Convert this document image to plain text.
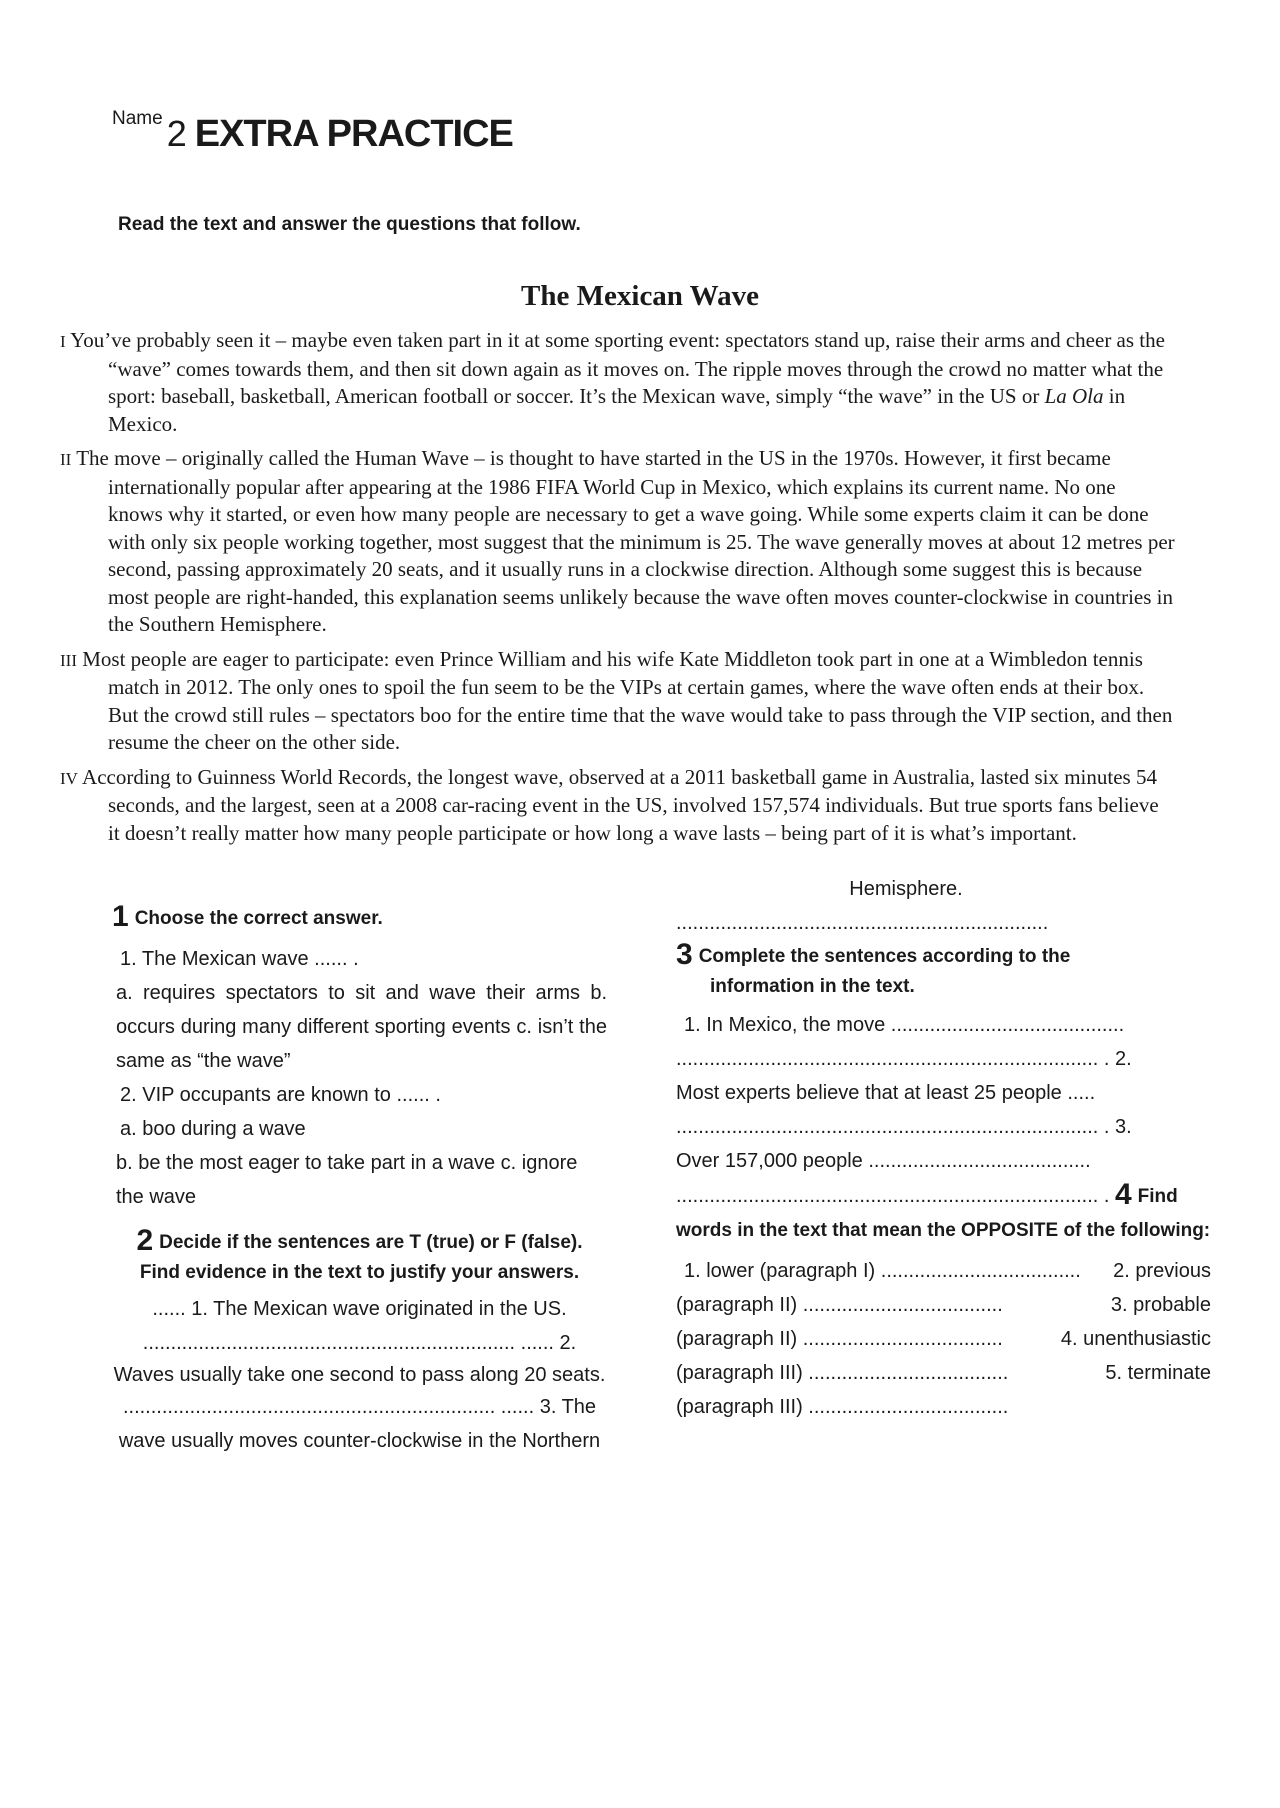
Name 2 EXTRA PRACTICE
Read the text and answer the questions that follow.
The Mexican Wave

I You’ve probably seen it – maybe even taken part in it at some sporting event: spectators stand up, raise their arms and cheer as the “wave” comes towards them, and then sit down again as it moves on. The ripple moves through the crowd no matter what the sport: baseball, basketball, American football or soccer. It’s the Mexican wave, simply “the wave” in the US or La Ola in Mexico.

II The move – originally called the Human Wave – is thought to have started in the US in the 1970s. However, it first became internationally popular after appearing at the 1986 FIFA World Cup in Mexico, which explains its current name. No one knows why it started, or even how many people are necessary to get a wave going. While some experts claim it can be done with only six people working together, most suggest that the minimum is 25. The wave generally moves at about 12 metres per second, passing approximately 20 seats, and it usually runs in a clockwise direction. Although some suggest this is because most people are right-handed, this explanation seems unlikely because the wave often moves counter-clockwise in countries in the Southern Hemisphere.

III Most people are eager to participate: even Prince William and his wife Kate Middleton took part in one at a Wimbledon tennis match in 2012. The only ones to spoil the fun seem to be the VIPs at certain games, where the wave often ends at their box. But the crowd still rules – spectators boo for the entire time that the wave would take to pass through the VIP section, and then resume the cheer on the other side.

IV According to Guinness World Records, the longest wave, observed at a 2011 basketball game in Australia, lasted six minutes 54 seconds, and the largest, seen at a 2008 car-racing event in the US, involved 157,574 individuals. But true sports fans believe it doesn’t really matter how many people participate or how long a wave lasts – being part of it is what’s important.

Hemisphere.
...................................................................
1 Choose the correct answer.
1. The Mexican wave ...... .
a. requires spectators to sit and wave their arms b. occurs during many different sporting events c. isn’t the same as “the wave”
2. VIP occupants are known to ...... .
a. boo during a wave
b. be the most eager to take part in a wave c. ignore the wave
2 Decide if the sentences are T (true) or F (false).
Find evidence in the text to justify your answers.
...... 1. The Mexican wave originated in the US.
................................................................... ...... 2.
Waves usually take one second to pass along 20 seats.
................................................................... ...... 3. The
wave usually moves counter-clockwise in the Northern
3 Complete the sentences according to the
information in the text.
1. In Mexico, the move ..........................................
............................................................................ . 2.
Most experts believe that at least 25 people .....
............................................................................ . 3.
Over 157,000 people ........................................
............................................................................ . 4 Find
words in the text that mean the OPPOSITE of the following:
1. lower (paragraph I) .................................... 2. previous
(paragraph II) ....................................	3. probable
(paragraph II) ....................................	4. unenthusiastic
(paragraph III) ....................................	5. terminate
(paragraph III) ....................................
